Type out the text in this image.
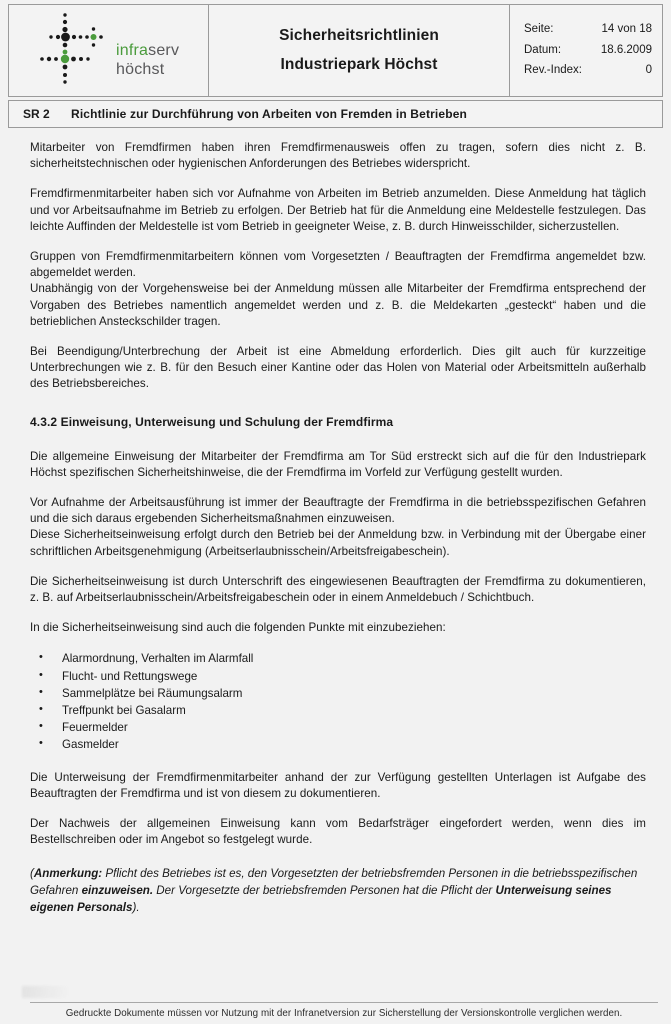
infraserv
höchst
Sicherheitsrichtlinien
Industriepark Höchst
Seite:	14 von 18
Datum:	18.6.2009
Rev.-Index:	0
SR 2	Richtlinie zur Durchführung von Arbeiten von Fremden in Betrieben

Mitarbeiter von Fremdfirmen haben ihren Fremdfirmenausweis offen zu tragen, sofern dies nicht z. B. sicherheitstechnischen oder hygienischen Anforderungen des Betriebes widerspricht.

Fremdfirmenmitarbeiter haben sich vor Aufnahme von Arbeiten im Betrieb anzumelden. Diese Anmeldung hat täglich und vor Arbeitsaufnahme im Betrieb zu erfolgen. Der Betrieb hat für die Anmeldung eine Meldestelle festzulegen. Das leichte Auffinden der Meldestelle ist vom Betrieb in geeigneter Weise, z. B. durch Hinweisschilder, sicherzustellen.

Gruppen von Fremdfirmenmitarbeitern können vom Vorgesetzten / Beauftragten der Fremdfirma angemeldet bzw. abgemeldet werden.

Unabhängig von der Vorgehensweise bei der Anmeldung müssen alle Mitarbeiter der Fremdfirma entsprechend der Vorgaben des Betriebes namentlich angemeldet werden und z. B. die Meldekarten „gesteckt“ haben und die betrieblichen Ansteckschilder tragen.

Bei Beendigung/Unterbrechung der Arbeit ist eine Abmeldung erforderlich. Dies gilt auch für kurzzeitige Unterbrechungen wie z. B. für den Besuch einer Kantine oder das Holen von Material oder Arbeitsmitteln außerhalb des Betriebsbereiches.

4.3.2 Einweisung, Unterweisung und Schulung der Fremdfirma

Die allgemeine Einweisung der Mitarbeiter der Fremdfirma am Tor Süd erstreckt sich auf die für den Industriepark Höchst spezifischen Sicherheitshinweise, die der Fremdfirma im Vorfeld zur Verfügung gestellt wurden.

Vor Aufnahme der Arbeitsausführung ist immer der Beauftragte der Fremdfirma in die betriebsspezifischen Gefahren und die sich daraus ergebenden Sicherheitsmaßnahmen einzuweisen.

Diese Sicherheitseinweisung erfolgt durch den Betrieb bei der Anmeldung bzw. in Verbindung mit der Übergabe einer schriftlichen Arbeitsgenehmigung (Arbeitserlaubnisschein/Arbeitsfreigabeschein).

Die Sicherheitseinweisung ist durch Unterschrift des eingewiesenen Beauftragten der Fremdfirma zu dokumentieren, z. B. auf Arbeitserlaubnisschein/Arbeitsfreigabeschein oder in einem Anmeldebuch / Schichtbuch.

In die Sicherheitseinweisung sind auch die folgenden Punkte mit einzubeziehen:

• Alarmordnung, Verhalten im Alarmfall
• Flucht- und Rettungswege
• Sammelplätze bei Räumungsalarm
• Treffpunkt bei Gasalarm
• Feuermelder
• Gasmelder

Die Unterweisung der Fremdfirmenmitarbeiter anhand der zur Verfügung gestellten Unterlagen ist Aufgabe des Beauftragten der Fremdfirma und ist von diesem zu dokumentieren.

Der Nachweis der allgemeinen Einweisung kann vom Bedarfsträger eingefordert werden, wenn dies im Bestellschreiben oder im Angebot so festgelegt wurde.

(Anmerkung: Pflicht des Betriebes ist es, den Vorgesetzten der betriebsfremden Personen in die betriebsspezifischen Gefahren einzuweisen. Der Vorgesetzte der betriebsfremden Personen hat die Pflicht der Unterweisung seines eigenen Personals).

Gedruckte Dokumente müssen vor Nutzung mit der Infranetversion zur Sicherstellung der Versionskontrolle verglichen werden.
